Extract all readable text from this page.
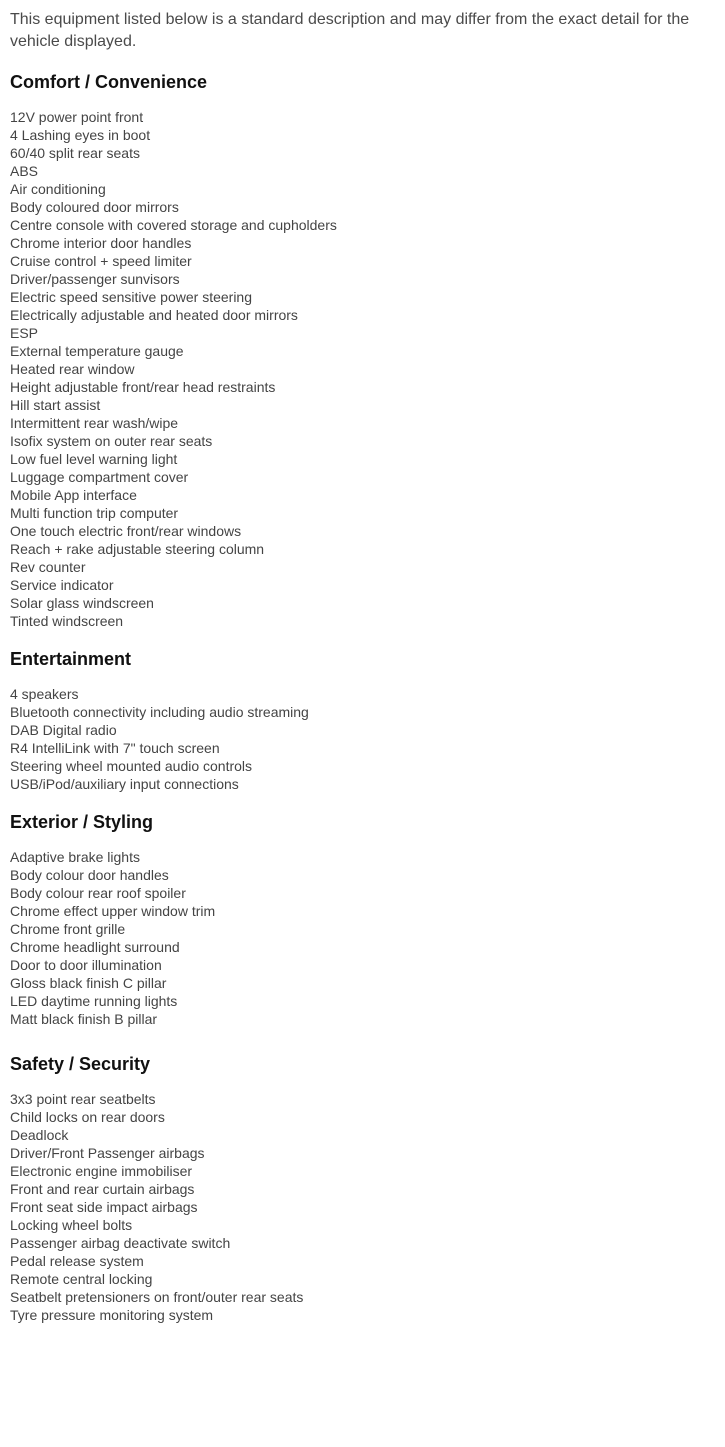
This equipment listed below is a standard description and may differ from the exact detail for the vehicle displayed.

Comfort / Convenience
12V power point front
4 Lashing eyes in boot
60/40 split rear seats
ABS
Air conditioning
Body coloured door mirrors
Centre console with covered storage and cupholders
Chrome interior door handles
Cruise control + speed limiter
Driver/passenger sunvisors
Electric speed sensitive power steering
Electrically adjustable and heated door mirrors
ESP
External temperature gauge
Heated rear window
Height adjustable front/rear head restraints
Hill start assist
Intermittent rear wash/wipe
Isofix system on outer rear seats
Low fuel level warning light
Luggage compartment cover
Mobile App interface
Multi function trip computer
One touch electric front/rear windows
Reach + rake adjustable steering column
Rev counter
Service indicator
Solar glass windscreen
Tinted windscreen
Entertainment
4 speakers
Bluetooth connectivity including audio streaming
DAB Digital radio
R4 IntelliLink with 7" touch screen
Steering wheel mounted audio controls
USB/iPod/auxiliary input connections
Exterior / Styling
Adaptive brake lights
Body colour door handles
Body colour rear roof spoiler
Chrome effect upper window trim
Chrome front grille
Chrome headlight surround
Door to door illumination
Gloss black finish C pillar
LED daytime running lights
Matt black finish B pillar
Safety / Security
3x3 point rear seatbelts
Child locks on rear doors
Deadlock
Driver/Front Passenger airbags
Electronic engine immobiliser
Front and rear curtain airbags
Front seat side impact airbags
Locking wheel bolts
Passenger airbag deactivate switch
Pedal release system
Remote central locking
Seatbelt pretensioners on front/outer rear seats
Tyre pressure monitoring system
